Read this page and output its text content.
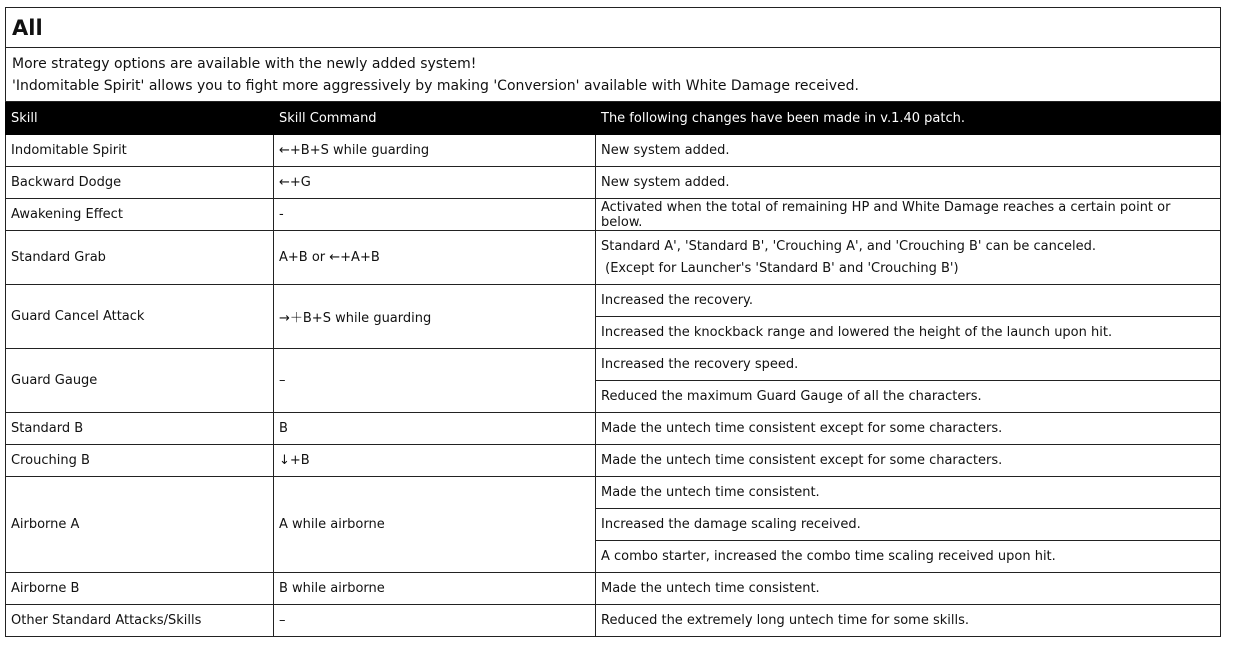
All		

More strategy options are available with the newly added system!
'Indomitable Spirit' allows you to fight more aggressively by making 'Conversion' available with White Damage received.		

Skill	Skill Command	The following changes have been made in v.1.40 patch.
Indomitable Spirit	←+B+S while guarding	New system added.
Backward Dodge	←+G	New system added.
Awakening Effect	-	Activated when the total of remaining HP and White Damage reaches a certain point or below.
Standard Grab	A+B or ←+A+B	Standard A', 'Standard B', 'Crouching A', and 'Crouching B' can be canceled.
(Except for Launcher's 'Standard B' and 'Crouching B')

Guard Cancel Attack	→＋B+S while guarding	Increased the recovery.
		Increased the knockback range and lowered the height of the launch upon hit.
Guard Gauge	–	Increased the recovery speed.
		Reduced the maximum Guard Gauge of all the characters.
Standard B	B	Made the untech time consistent except for some characters.
Crouching B	↓+B	Made the untech time consistent except for some characters.
Airborne A	A while airborne	Made the untech time consistent.
		Increased the damage scaling received.
		A combo starter, increased the combo time scaling received upon hit.
Airborne B	B while airborne	Made the untech time consistent.
Other Standard Attacks/Skills	–	Reduced the extremely long untech time for some skills.
